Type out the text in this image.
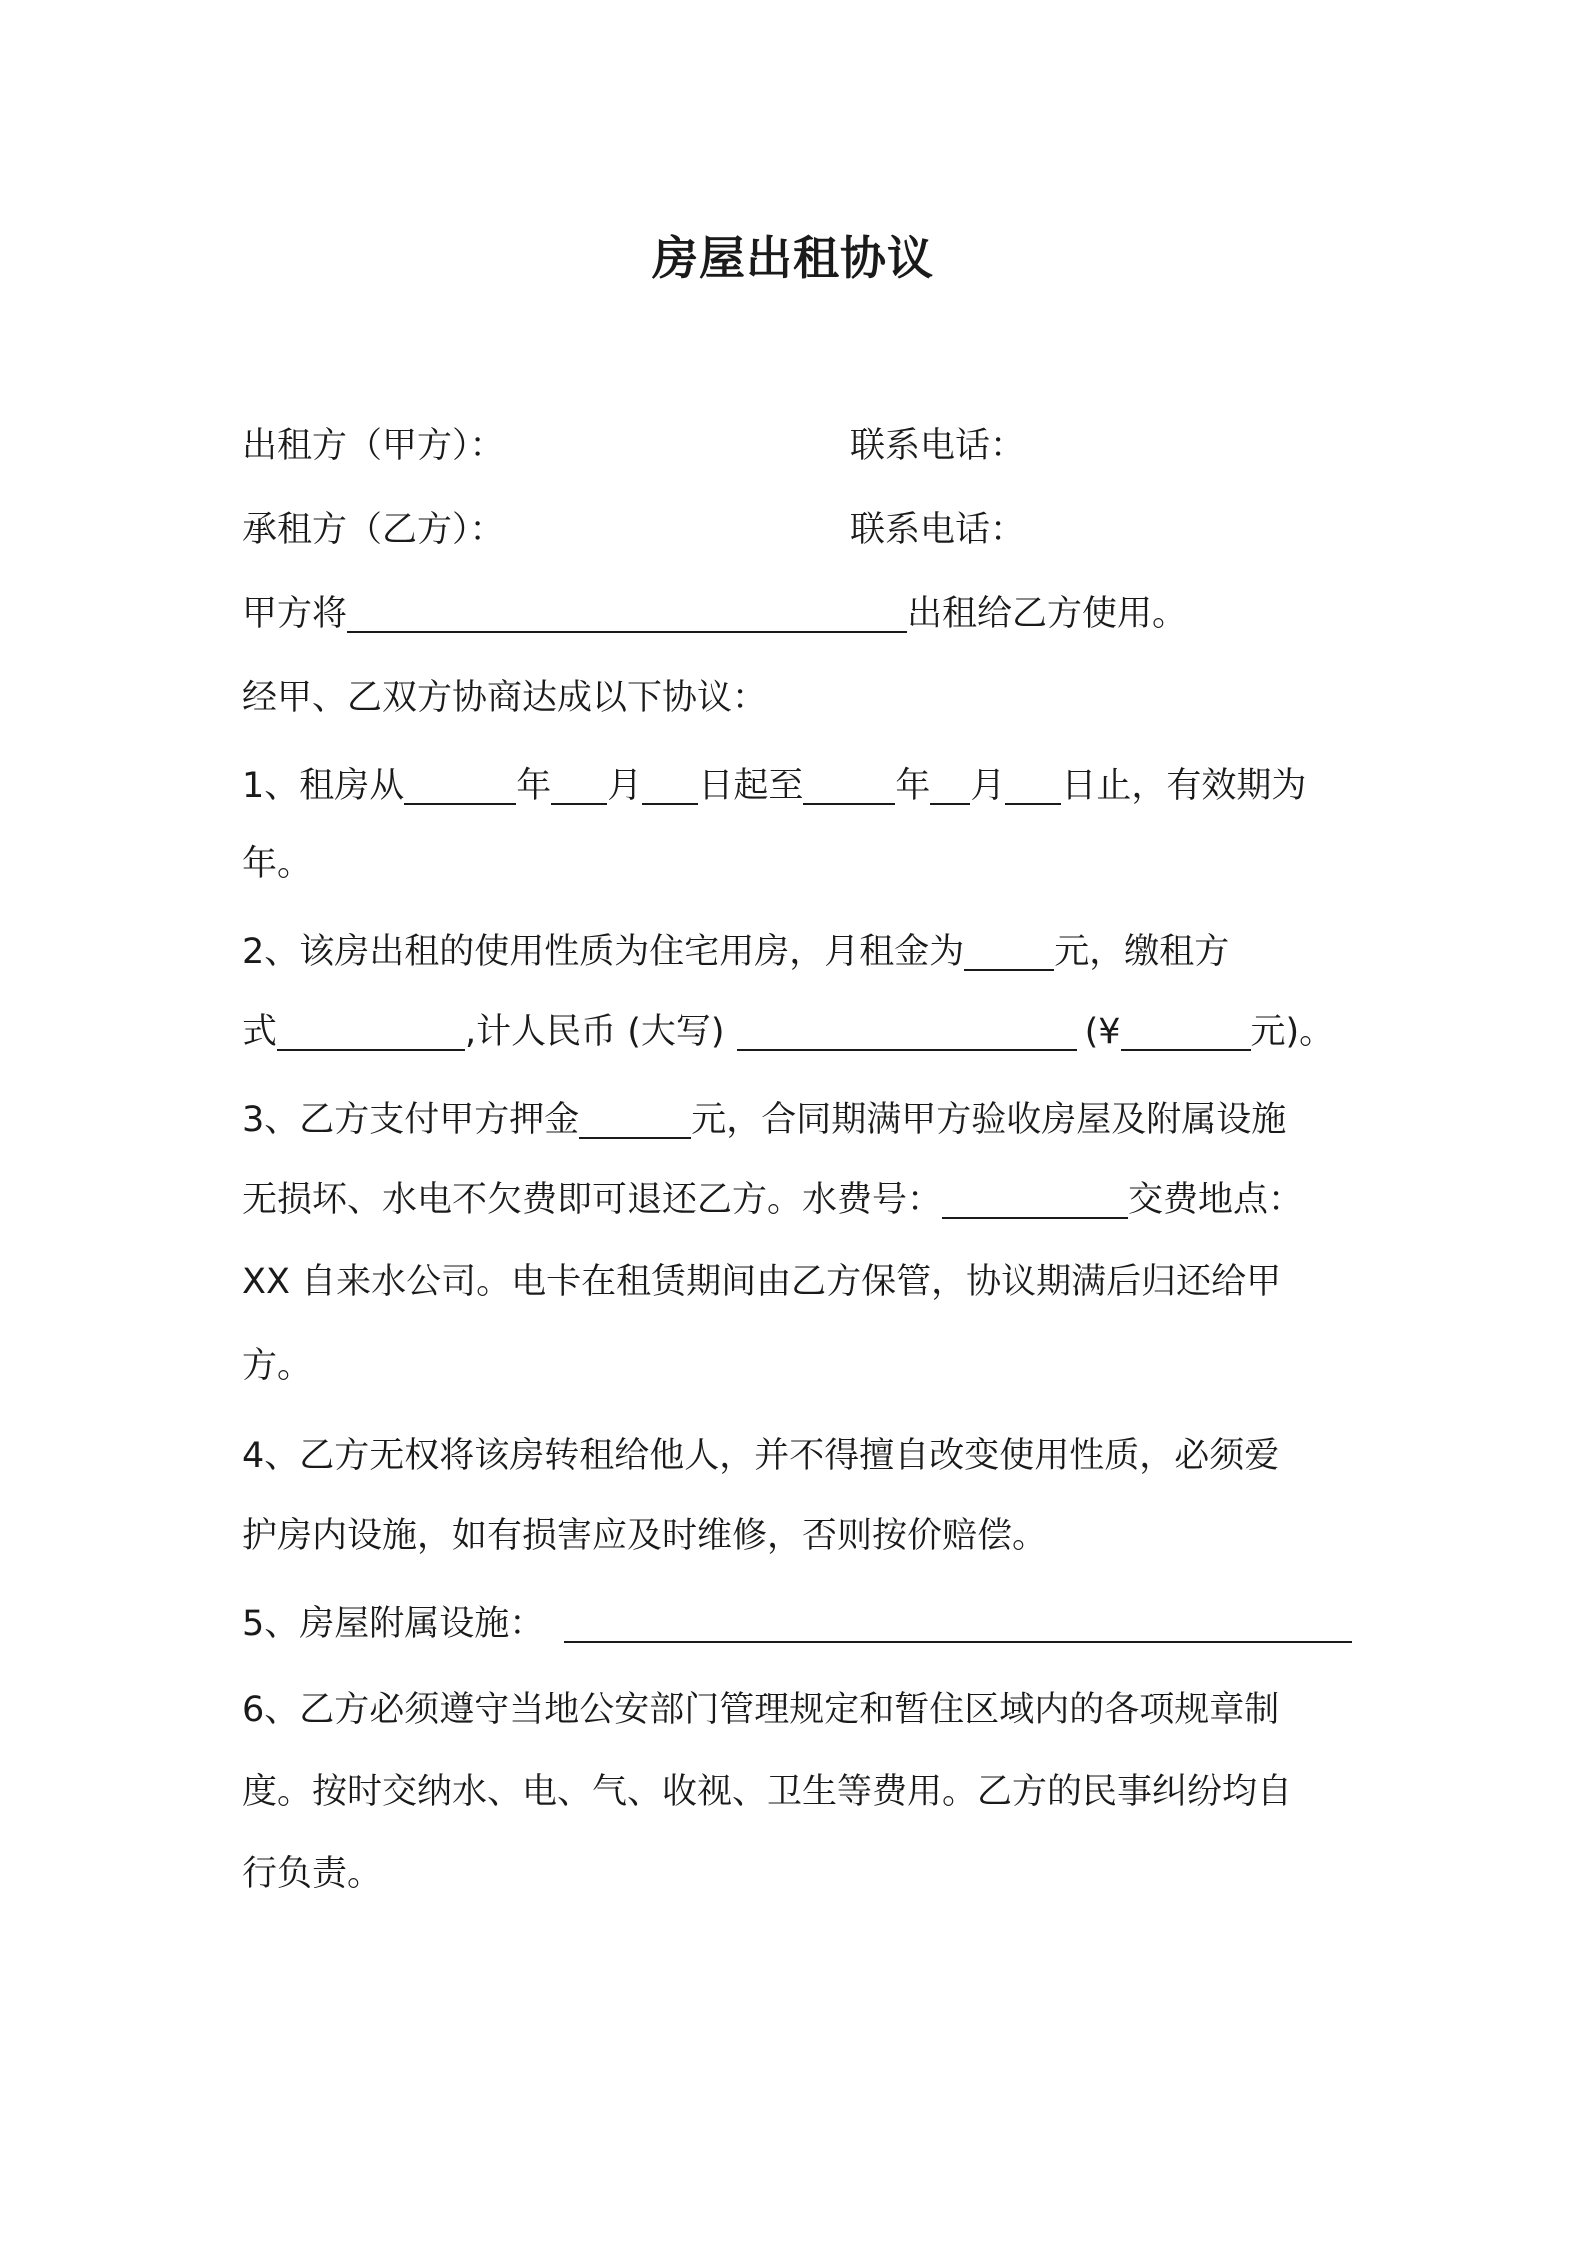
房屋出租协议
出租方（甲方）：	联系电话：
承租方（乙方）：	联系电话：
甲方将	出租给乙方使用。
经甲、乙双方协商达成以下协议：
1、租房从	年 月 日起至	年 月 日止，有效期为
年。
2、该房出租的使用性质为住宅用房，月租金为	元，缴租方
式	,计人民币 (大写)	(¥	元)。
3、乙方支付甲方押金	元，合同期满甲方验收房屋及附属设施
无损坏、水电不欠费即可退还乙方。水费号：	交费地点：
XX 自来水公司。电卡在租赁期间由乙方保管，协议期满后归还给甲
方。
4、乙方无权将该房转租给他人，并不得擅自改变使用性质，必须爱
护房内设施，如有损害应及时维修，否则按价赔偿。
5、房屋附属设施：
6、乙方必须遵守当地公安部门管理规定和暂住区域内的各项规章制
度。按时交纳水、电、气、收视、卫生等费用。乙方的民事纠纷均自
行负责。
